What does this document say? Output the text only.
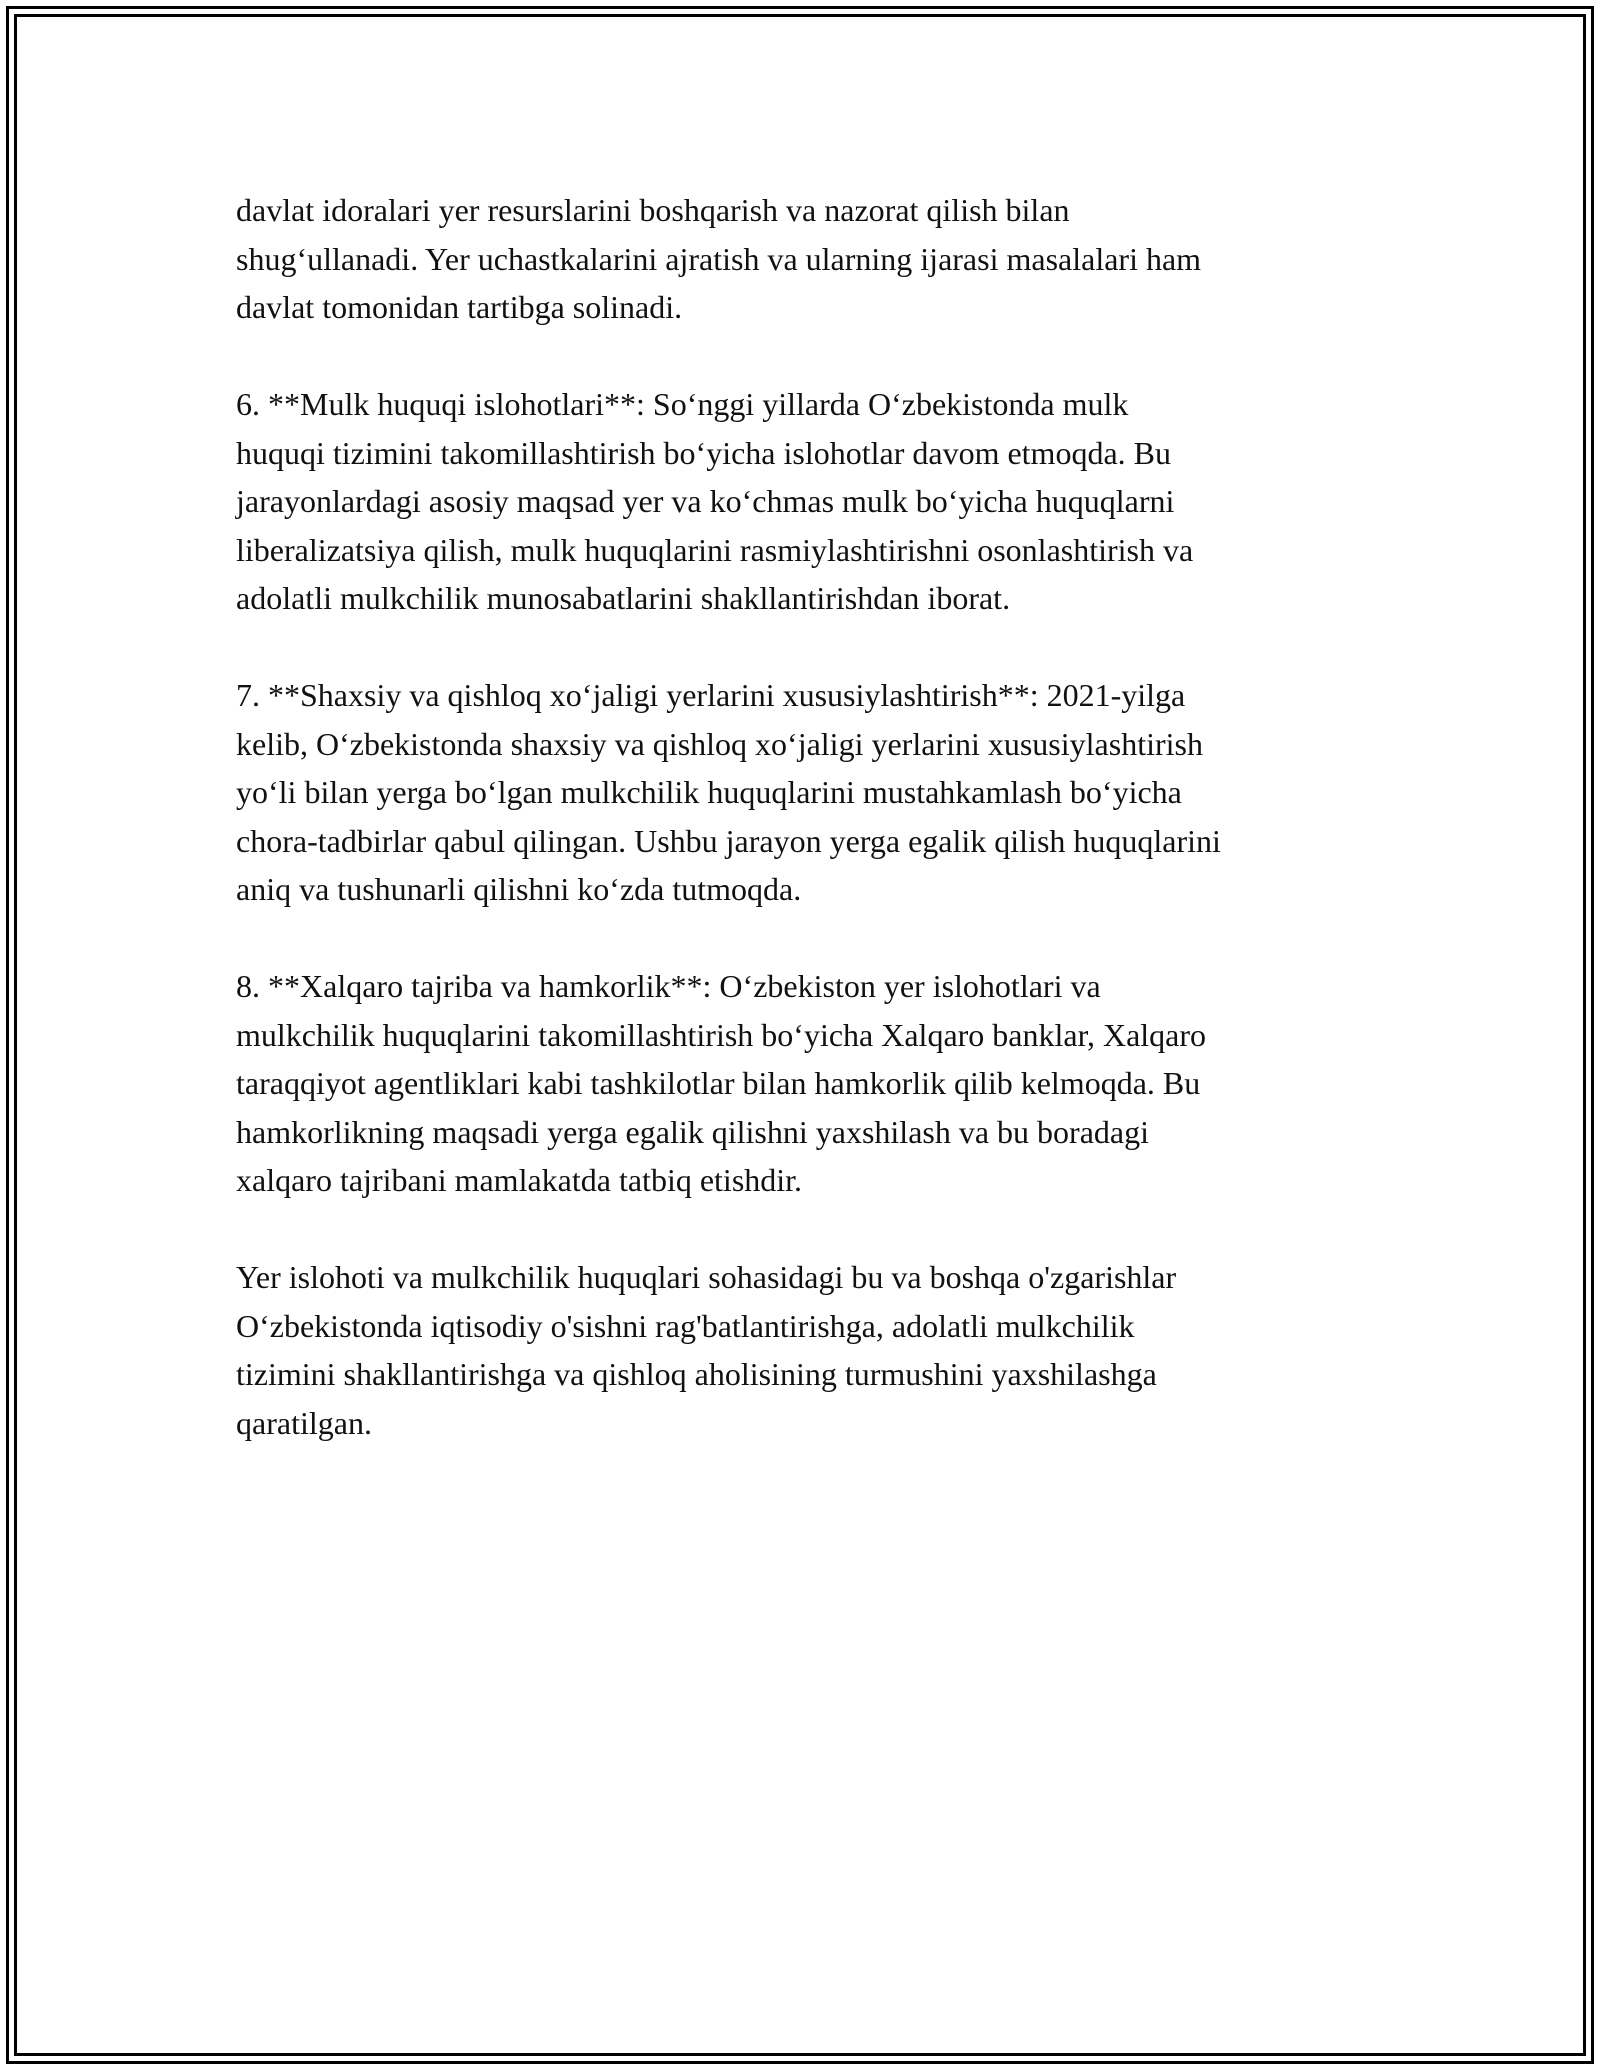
davlat idoralari yer resurslarini boshqarish va nazorat qilish bilan
shug‘ullanadi. Yer uchastkalarini ajratish va ularning ijarasi masalalari ham
davlat tomonidan tartibga solinadi.

6. **Mulk huquqi islohotlari**: So‘nggi yillarda O‘zbekistonda mulk
huquqi tizimini takomillashtirish bo‘yicha islohotlar davom etmoqda. Bu
jarayonlardagi asosiy maqsad yer va ko‘chmas mulk bo‘yicha huquqlarni
liberalizatsiya qilish, mulk huquqlarini rasmiylashtirishni osonlashtirish va
adolatli mulkchilik munosabatlarini shakllantirishdan iborat.

7. **Shaxsiy va qishloq xo‘jaligi yerlarini xususiylashtirish**: 2021-yilga
kelib, O‘zbekistonda shaxsiy va qishloq xo‘jaligi yerlarini xususiylashtirish
yo‘li bilan yerga bo‘lgan mulkchilik huquqlarini mustahkamlash bo‘yicha
chora-tadbirlar qabul qilingan. Ushbu jarayon yerga egalik qilish huquqlarini
aniq va tushunarli qilishni ko‘zda tutmoqda.

8. **Xalqaro tajriba va hamkorlik**: O‘zbekiston yer islohotlari va
mulkchilik huquqlarini takomillashtirish bo‘yicha Xalqaro banklar, Xalqaro
taraqqiyot agentliklari kabi tashkilotlar bilan hamkorlik qilib kelmoqda. Bu
hamkorlikning maqsadi yerga egalik qilishni yaxshilash va bu boradagi
xalqaro tajribani mamlakatda tatbiq etishdir.

Yer islohoti va mulkchilik huquqlari sohasidagi bu va boshqa o'zgarishlar
O‘zbekistonda iqtisodiy o'sishni rag'batlantirishga, adolatli mulkchilik
tizimini shakllantirishga va qishloq aholisining turmushini yaxshilashga
qaratilgan.
